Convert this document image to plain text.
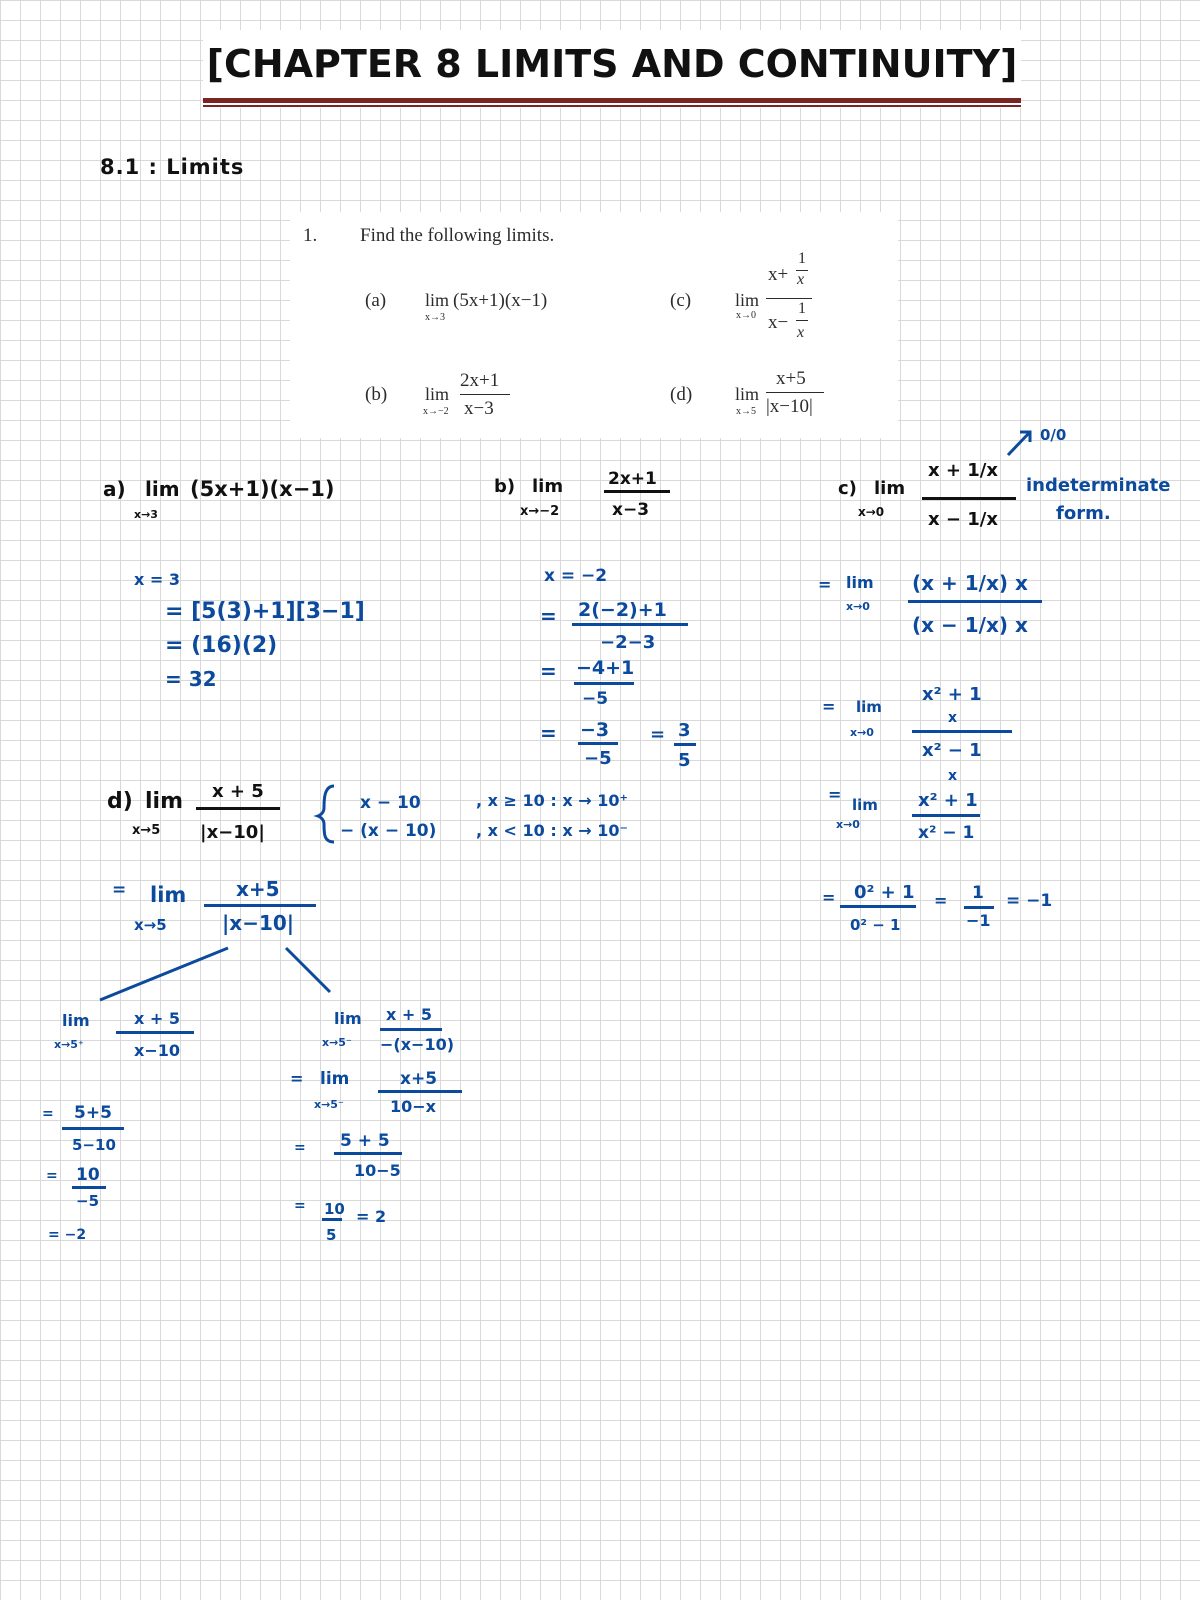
[CHAPTER 8 LIMITS AND CONTINUITY]
8.1 : Limits
1. Find the following limits.
(a) lim
x→3
(5x+1)(x−1)
(b) lim
x→−2
2x+1
x−3
(c) lim
x→0
x+
1
x
x−
1
x
(d) lim
x→5
x+5
|x−10|
a) lim
x→3
(5x+1)(x−1)
x = 3
= [5(3)+1][3−1]
= (16)(2)
= 32
b) lim
x→−2
2x+1
x−3
x = −2
= 2(−2)+1
−2−3
= −4+1
−5
= −3
−5
= 3
5
c) lim
x→0
x + 1/x
x − 1/x
0/0
indeterminate
form.
= lim
x→0
(x + 1/x) x
(x − 1/x) x
= lim
x→0
x² + 1
x
x² − 1
x
=
lim
x→0
x² + 1
x² − 1
= 0² + 1
0² − 1
= 1
−1
= −1
d) lim
x→5
x + 5
|x−10|
x − 10
− (x − 10)
, x ≥ 10 : x → 10⁺
, x < 10 : x → 10⁻
= lim
x→5
x+5
|x−10|
lim
x→5⁺
x + 5
x−10
= 5+5
5−10
= 10
−5
= −2
lim
x→5⁻
x + 5
−(x−10)
= lim
x→5⁻
x+5
10−x
= 5 + 5
10−5
= 10
5
= 2
